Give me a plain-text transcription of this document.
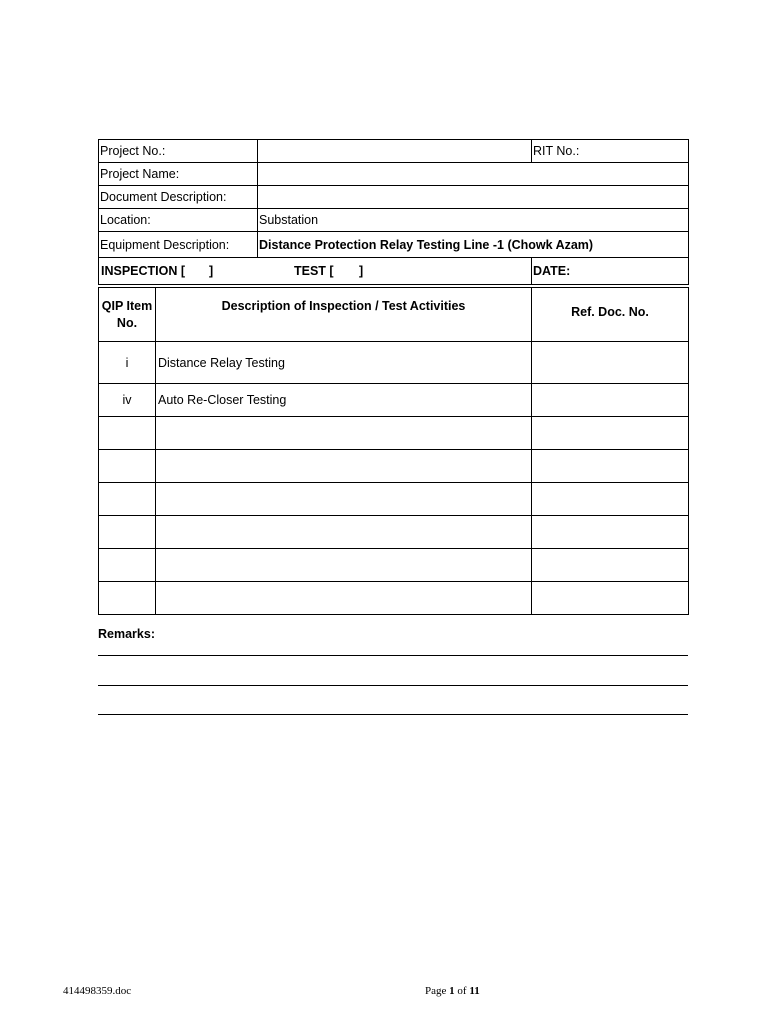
Project No.:		RIT No.:
Project Name:		
Document Description:		
Location:	Substation	
Equipment Description:	Distance Protection Relay Testing Line -1 (Chowk Azam)	

INSPECTION [ ] TEST [ ]		DATE:
QIP Item
No.	Description of Inspection / Test Activities	Ref. Doc. No.
i	Distance Relay Testing	
iv	Auto Re-Closer Testing	

Remarks:
414498359.doc	Page 1 of 11
